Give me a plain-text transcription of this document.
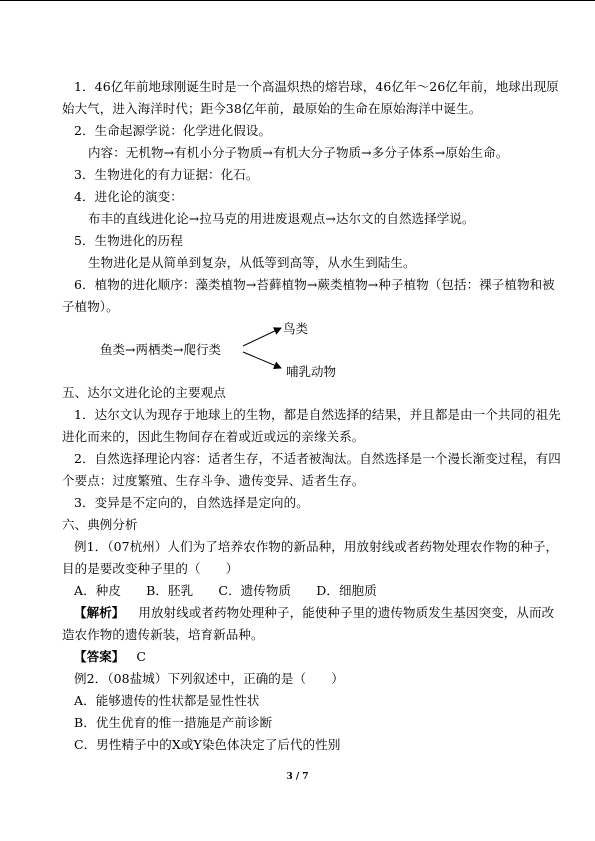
1．46亿年前地球刚诞生时是一个高温炽热的熔岩球，46亿年～26亿年前，地球出现原
始大气，进入海洋时代；距今38亿年前，最原始的生命在原始海洋中诞生。
2．生命起源学说：化学进化假设。
内容：无机物→有机小分子物质→有机大分子物质→多分子体系→原始生命。
3．生物进化的有力证据：化石。
4．进化论的演变：
布丰的直线进化论→拉马克的用进废退观点→达尔文的自然选择学说。
5．生物进化的历程
生物进化是从简单到复杂，从低等到高等，从水生到陆生。
6．植物的进化顺序：藻类植物→苔藓植物→蕨类植物→种子植物（包括：裸子植物和被
子植物）。
鱼类→两栖类→爬行类
鸟类
哺乳动物
五、达尔文进化论的主要观点
1．达尔文认为现存于地球上的生物，都是自然选择的结果，并且都是由一个共同的祖先
进化而来的，因此生物间存在着或近或远的亲缘关系。
2．自然选择理论内容：适者生存，不适者被淘汰。自然选择是一个漫长渐变过程，有四
个要点：过度繁殖、生存斗争、遗传变异、适者生存。
3．变异是不定向的，自然选择是定向的。
六、典例分析
例1．（07杭州）人们为了培养农作物的新品种，用放射线或者药物处理农作物的种子，
目的是要改变种子里的（　　）
A．种皮　　B．胚乳　　C．遗传物质　　D．细胞质
【解析】 用放射线或者药物处理种子，能使种子里的遗传物质发生基因突变，从而改
造农作物的遗传新装，培育新品种。
【答案】 C
例2．（08盐城）下列叙述中，正确的是（　　）
A．能够遗传的性状都是显性性状
B．优生优育的惟一措施是产前诊断
C．男性精子中的X或Y染色体决定了后代的性别
3 / 7
